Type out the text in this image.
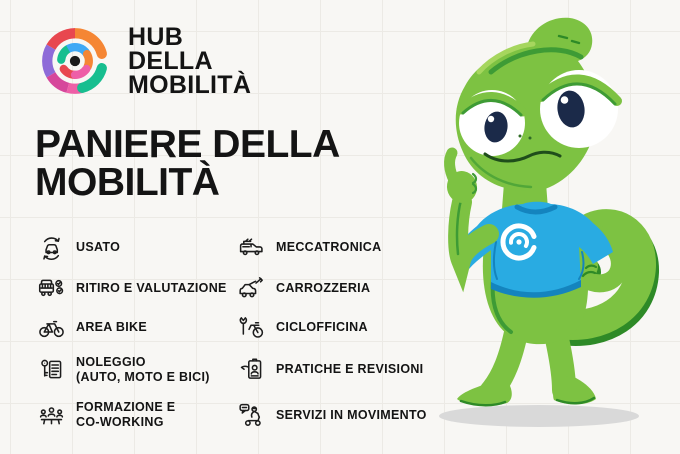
HUB
DELLA
MOBILITÀ
PANIERE DELLA
MOBILITÀ
USATO
RITIRO E VALUTAZIONE
AREA BIKE
NOLEGGIO
(AUTO, MOTO E BICI)
FORMAZIONE E
CO-WORKING
MECCATRONICA
CARROZZERIA
CICLOFFICINA
PRATICHE E REVISIONI
SERVIZI IN MOVIMENTO
